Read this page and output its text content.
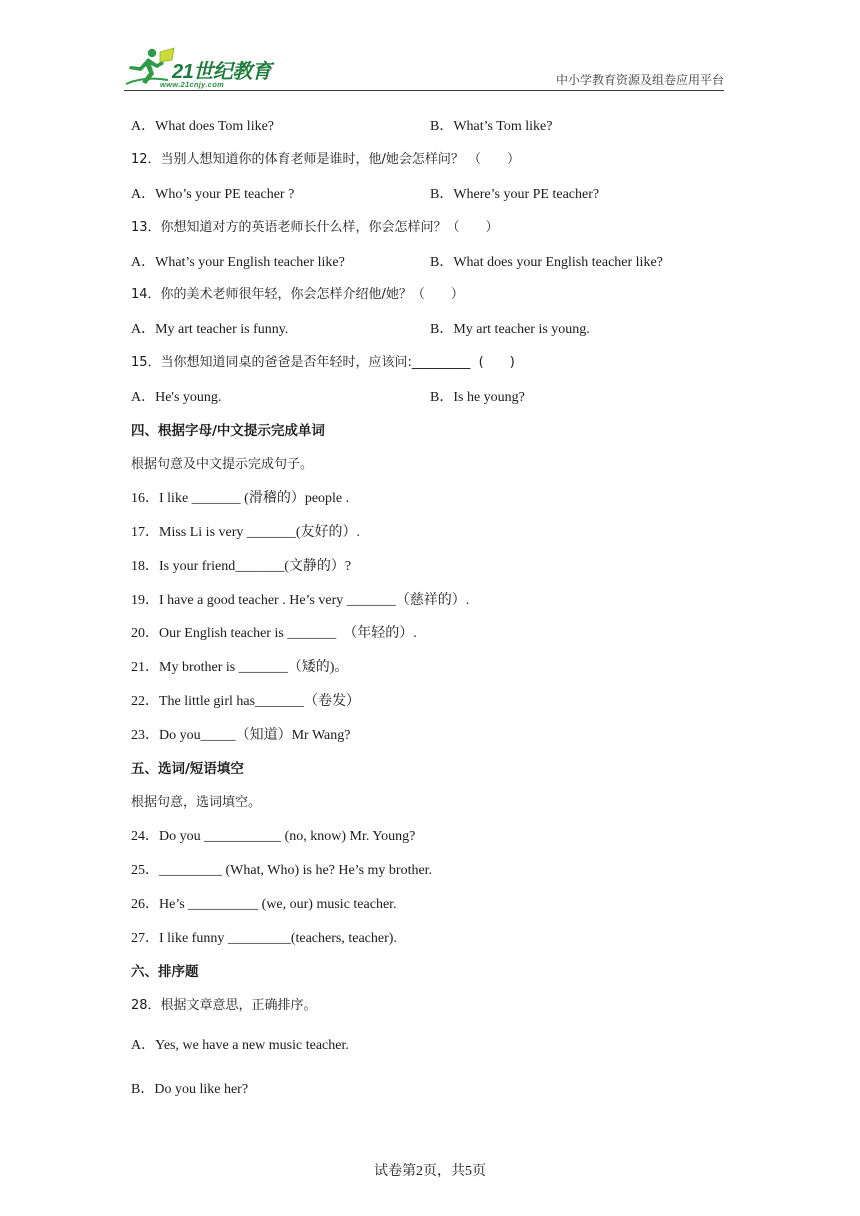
21世纪教育
www.21cnjy.com	中小学教育资源及组卷应用平台
A．What does Tom like?	B．What’s Tom like?
12．当别人想知道你的体育老师是谁时，他/她会怎样问？ （　　）
A．Who’s your PE teacher ?	B．Where’s your PE teacher?
13．你想知道对方的英语老师长什么样，你会怎样问？（　　）
A．What’s your English teacher like?	B．What does your English teacher like?
14．你的美术老师很年轻，你会怎样介绍他/她？（　　）
A．My art teacher is funny.	B．My art teacher is young.
15．当你想知道同桌的爸爸是否年轻时，应该问:_________  (　　)
A．He's young.	B．Is he young?
四、根据字母/中文提示完成单词
根据句意及中文提示完成句子。
16．I like _______ (滑稽的）people .
17．Miss Li is very _______(友好的）.
18．Is your friend_______(文静的）?
19．I have a good teacher . He’s very _______（慈祥的）.
20．Our English teacher is _______  （年轻的）.
21．My brother is _______（矮的)。
22．The little girl has_______（卷发）
23．Do you_____（知道）Mr Wang?
五、选词/短语填空
根据句意，选词填空。
24．Do you ___________ (no, know) Mr. Young?
25．_________ (What, Who) is he? He’s my brother.
26．He’s __________ (we, our) music teacher.
27．I like funny _________(teachers, teacher).
六、排序题
28．根据文章意思，正确排序。
A．Yes, we have a new music teacher.
B．Do you like her?
试卷第2页，共5页
